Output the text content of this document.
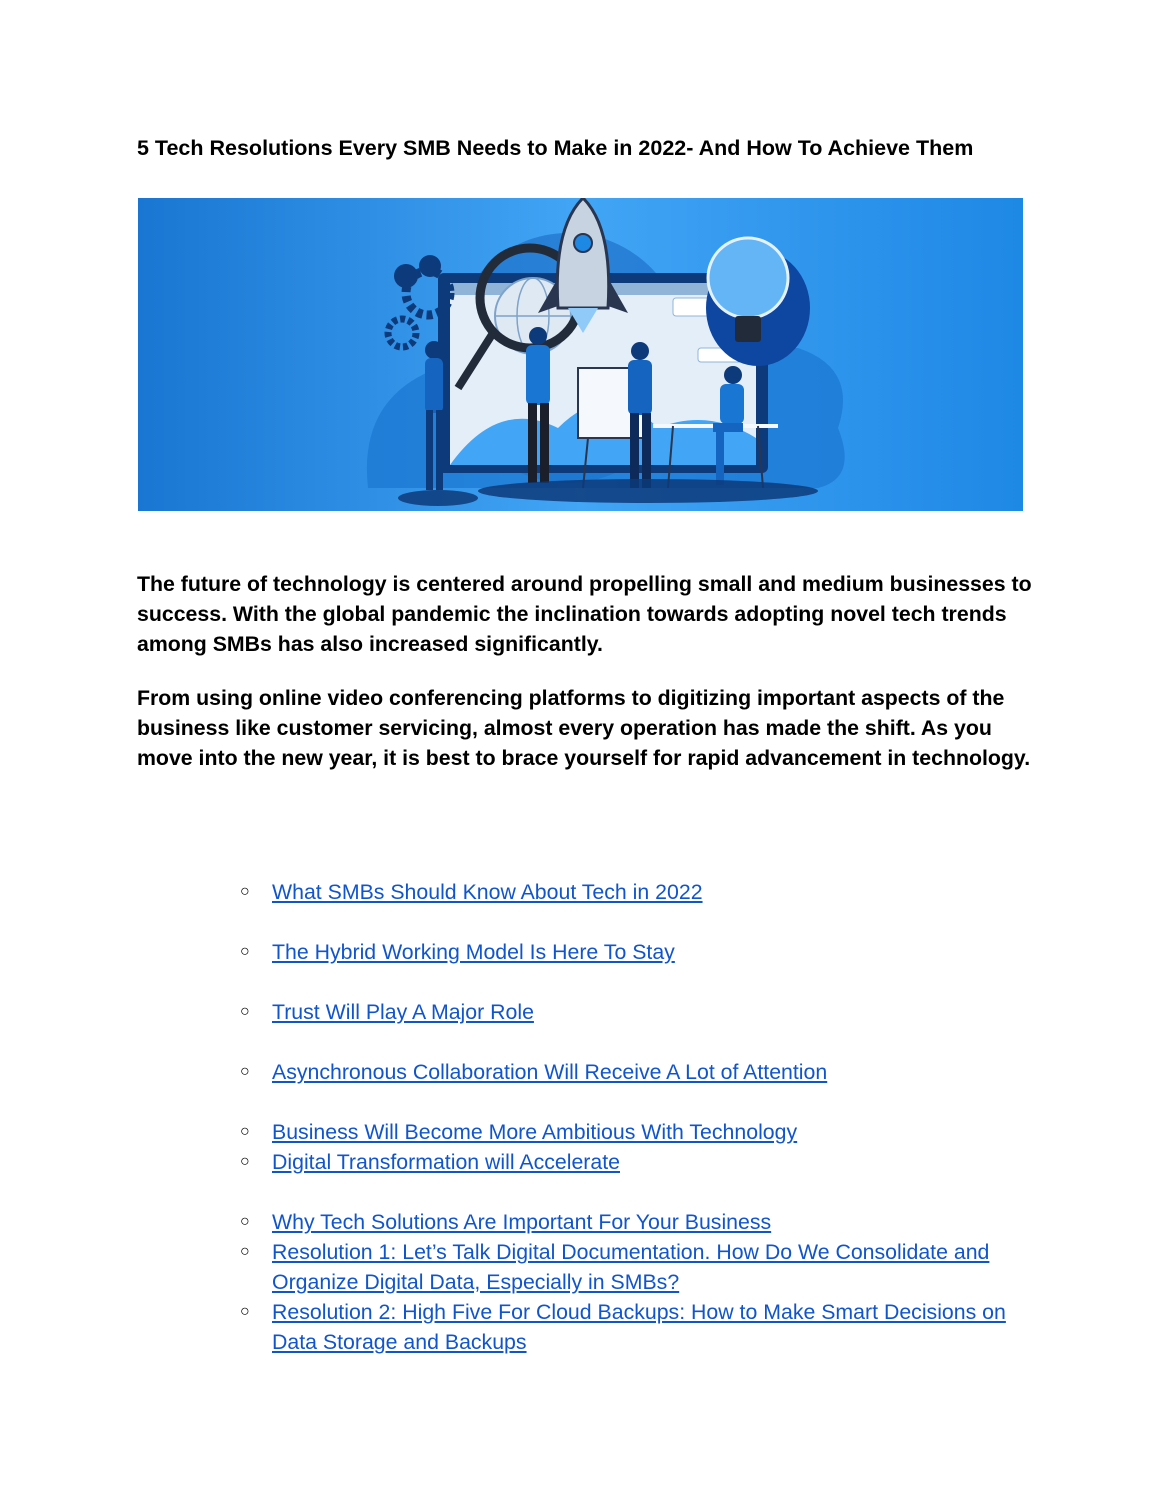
5 Tech Resolutions Every SMB Needs to Make in 2022- And How To Achieve Them

The future of technology is centered around propelling small and medium businesses to success. With the global pandemic the inclination towards adopting novel tech trends among SMBs has also increased significantly.

From using online video conferencing platforms to digitizing important aspects of the business like customer servicing, almost every operation has made the shift. As you move into the new year, it is best to brace yourself for rapid advancement in technology.

○ What SMBs Should Know About Tech in 2022
○ The Hybrid Working Model Is Here To Stay
○ Trust Will Play A Major Role
○ Asynchronous Collaboration Will Receive A Lot of Attention
○ Business Will Become More Ambitious With Technology
○ Digital Transformation will Accelerate
○ Why Tech Solutions Are Important For Your Business
○ Resolution 1: Let’s Talk Digital Documentation. How Do We Consolidate and Organize Digital Data, Especially in SMBs?
○ Resolution 2: High Five For Cloud Backups: How to Make Smart Decisions on Data Storage and Backups
